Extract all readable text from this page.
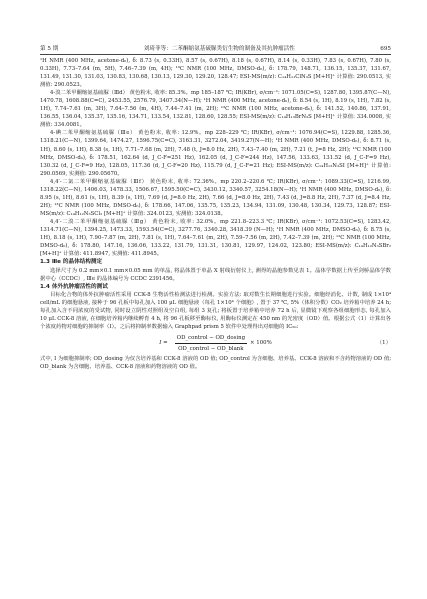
第 5 期	刘琦菲等：二苯酮缩氨基硫脲类衍生物的制备及其抗肿瘤活性	695

¹H NMR (400 MHz, acetone-d₆), δ: 8.73 (s, 0.33H), 8.57 (s, 0.67H), 8.18 (s, 0.67H), 8.14 (s, 0.33H), 7.83 (s, 0.67H), 7.80 (s, 0.33H), 7.73–7.64 (m, 5H), 7.46–7.39 (m, 4H); ¹³C NMR (100 MHz, DMSO-d₆), δ: 178.79, 148.71, 136.15, 135.37, 131.67, 131.49, 131.30, 131.03, 130.83, 130.68, 130.13, 129.30, 129.20, 128.47; ESI-MS(m/z): C₁₄H₁₁ClN₃S [M+H]⁺ 计算值: 290.0513, 实测值: 290.0523。

4-溴二苯甲酮缩氨基硫脲（Ⅲd） 黄色粉末, 收率: 85.3%。mp 185–187 ℃; IR(KBr), σ/cm⁻¹: 1071.05(C=S), 1287.80, 1395.87(C—N), 1470.78, 1608.88(C=C), 2453.55, 2576.79, 3407.34(N—H); ¹H NMR (400 MHz, acetone-d₆), δ: 8.54 (s, 1H), 8.19 (s, 1H), 7.82 (s, 1H), 7.74–7.61 (m, 3H), 7.64–7.56 (m, 4H), 7.44–7.41 (m, 2H); ¹³C NMR (100 MHz, acetone-d₆), δ: 141.52, 140.86, 137.91, 136.55, 136.04, 135.37, 135.16, 134.71, 133.54, 132.81, 128.60, 128.55; ESI-MS(m/z): C₁₄H₁₃BrN₃S [M+H]⁺ 计算值: 334.0008, 实测值: 334.0081。

4-碘二苯甲酮缩氨基硫脲（Ⅲe） 黄色粉末, 收率: 12.9%。mp 228–229 ℃; IR(KBr), σ/cm⁻¹: 1076.94(C=S), 1229.88, 1285.36, 1318.21(C—N), 1399.64, 1474.27, 1596.75(C=C), 3163.31, 3272.04, 3419.27(N—H); ¹H NMR (400 MHz, DMSO-d₆), δ: 8.71 (s, 1H), 8.60 (s, 1H), 8.38 (s, 1H), 7.71–7.68 (m, 2H), 7.48 (t, J=8.0 Hz, 2H), 7.43–7.40 (m, 2H), 7.21 (t, J=8 Hz, 2H); ¹³C NMR (100 MHz, DMSO-d₆), δ: 178.51, 162.64 (d, J_C-F=251 Hz), 162.05 (d, J_C-F=244 Hz), 147.56, 133.63, 131.52 (d, J_C-F=9 Hz), 130.32 (d, J_C-F=9 Hz), 128.05, 117.36 (d, J_C-F=20 Hz), 115.79 (d, J_C-F=21 Hz); ESI-MS(m/z): C₁₄H₁₃N₃SI [M+H]⁺ 计算值: 290.0569, 实测值: 290.05670。

4,4′-二氯二苯甲酮缩氨基硫脲（Ⅲf） 黄色粉末, 收率: 72.36%。mp 220.2–220.6 ℃; IR(KBr), σ/cm⁻¹: 1089.33(C=S), 1216.99, 1318.22(C—N), 1406.03, 1478.33, 1506.67, 1595.50(C=C), 3430.12, 3340.57, 3254.18(N—H); ¹H NMR (400 MHz, DMSO-d₆), δ: 8.95 (s, 1H), 8.61 (s, 1H), 8.39 (s, 1H), 7.69 (d, J=8.0 Hz, 2H), 7.66 (d, J=8.0 Hz, 2H), 7.43 (d, J=8.8 Hz, 2H), 7.37 (d, J=8.4 Hz, 2H); ¹³C NMR (100 MHz, DMSO-d₆), δ: 178.66, 147.06, 135.75, 135.23, 134.94, 131.09, 130.48, 130.34, 129.73, 128.87; ESI-MS(m/z): C₁₄H₁₂N₃SCl₂ [M+H]⁺ 计算值: 324.0123, 实测值: 324.0138。

4,4′-二溴二苯甲酮缩氨基硫脲（Ⅲg） 黄色粉末, 收率: 32.0%。mp 221.8–223.3 ℃; IR(KBr), σ/cm⁻¹: 1072.53(C=S), 1283.42, 1314.71(C—N), 1394.25, 1473.33, 1593.54(C=C), 3277.76, 3340.28, 3418.39 (N—H); ¹H NMR (400 MHz, DMSO-d₆), δ: 8.75 (s, 1H), 8.18 (s, 1H), 7.90–7.87 (m, 2H), 7.81 (s, 1H), 7.64–7.61 (m, 2H), 7.59–7.56 (m, 2H), 7.42–7.39 (m, 2H); ¹³C NMR (100 MHz, DMSO-d₆), δ: 178.80, 147.16, 136.06, 133.22, 131.79, 131.31, 130.81, 129.97, 124.02, 123.80; ESI-MS(m/z): C₁₄H₁₂N₃SBr₂ [M+H]⁺ 计算值: 411.8947, 实测值: 411.8945。

1.3 Ⅲe 的晶体结构测定

选择尺寸为 0.2 mm×0.1 mm×0.05 mm 的单晶, 将晶体置于单晶 X 射线衍射仪上, 测得的晶胞参数见表 1。晶体学数据上传至剑桥晶体学数据中心（CCDC）, Ⅲe 的晶体编号为 CCDC 2391456。

1.4 体外抗肿瘤活性的测试

目标化合物的体外抗肿瘤活性采用 CCK-8 生物活性检测法进行检测。实验方法: 取对数生长期细胞进行实验。细胞经消化、计数, 制成 1×10⁴ cell/mL 的细胞悬液, 接种于 96 孔板中每孔加入 100 μL 细胞悬液（每孔 1×10⁴ 个细胞）, 置于 37 ℃, 5%（体积分数）CO₂ 培养箱中培养 24 h; 每孔加入含不同浓度的受试物, 同时设立阴性对照组及空白组, 每组 3 复孔; 将板置于培养箱中培养 72 h 后, 显微镜下观察各组细胞形态, 每孔加入 10 μL CCK-8 溶液, 在细胞培养箱内继续孵育 4 h, 将 96 孔板移至酶标仪, 用酶标仪测定在 450 nm 的光密度（OD）值。根据公式（1）计算出各个浓度药物对细胞的抑制率（I）。之后将抑制率数据输入 Graphpad prism 5 软件中处理得出对细胞的 IC₅₀:

$I = \frac{\text{OD\_control − OD\_dosing}}{\text{OD\_control − OD\_blank}} \times 100\%$	（1）

式中, I 为细胞抑制率; OD_dosing 为仅含培养基和 CCK-8 溶液的 OD 值; OD_control 为含细胞、培养基、CCK-8 溶液和不含药物溶液的 OD 值; OD_blank 为含细胞、培养基、CCK-8 溶液和药物溶液的 OD 值。
